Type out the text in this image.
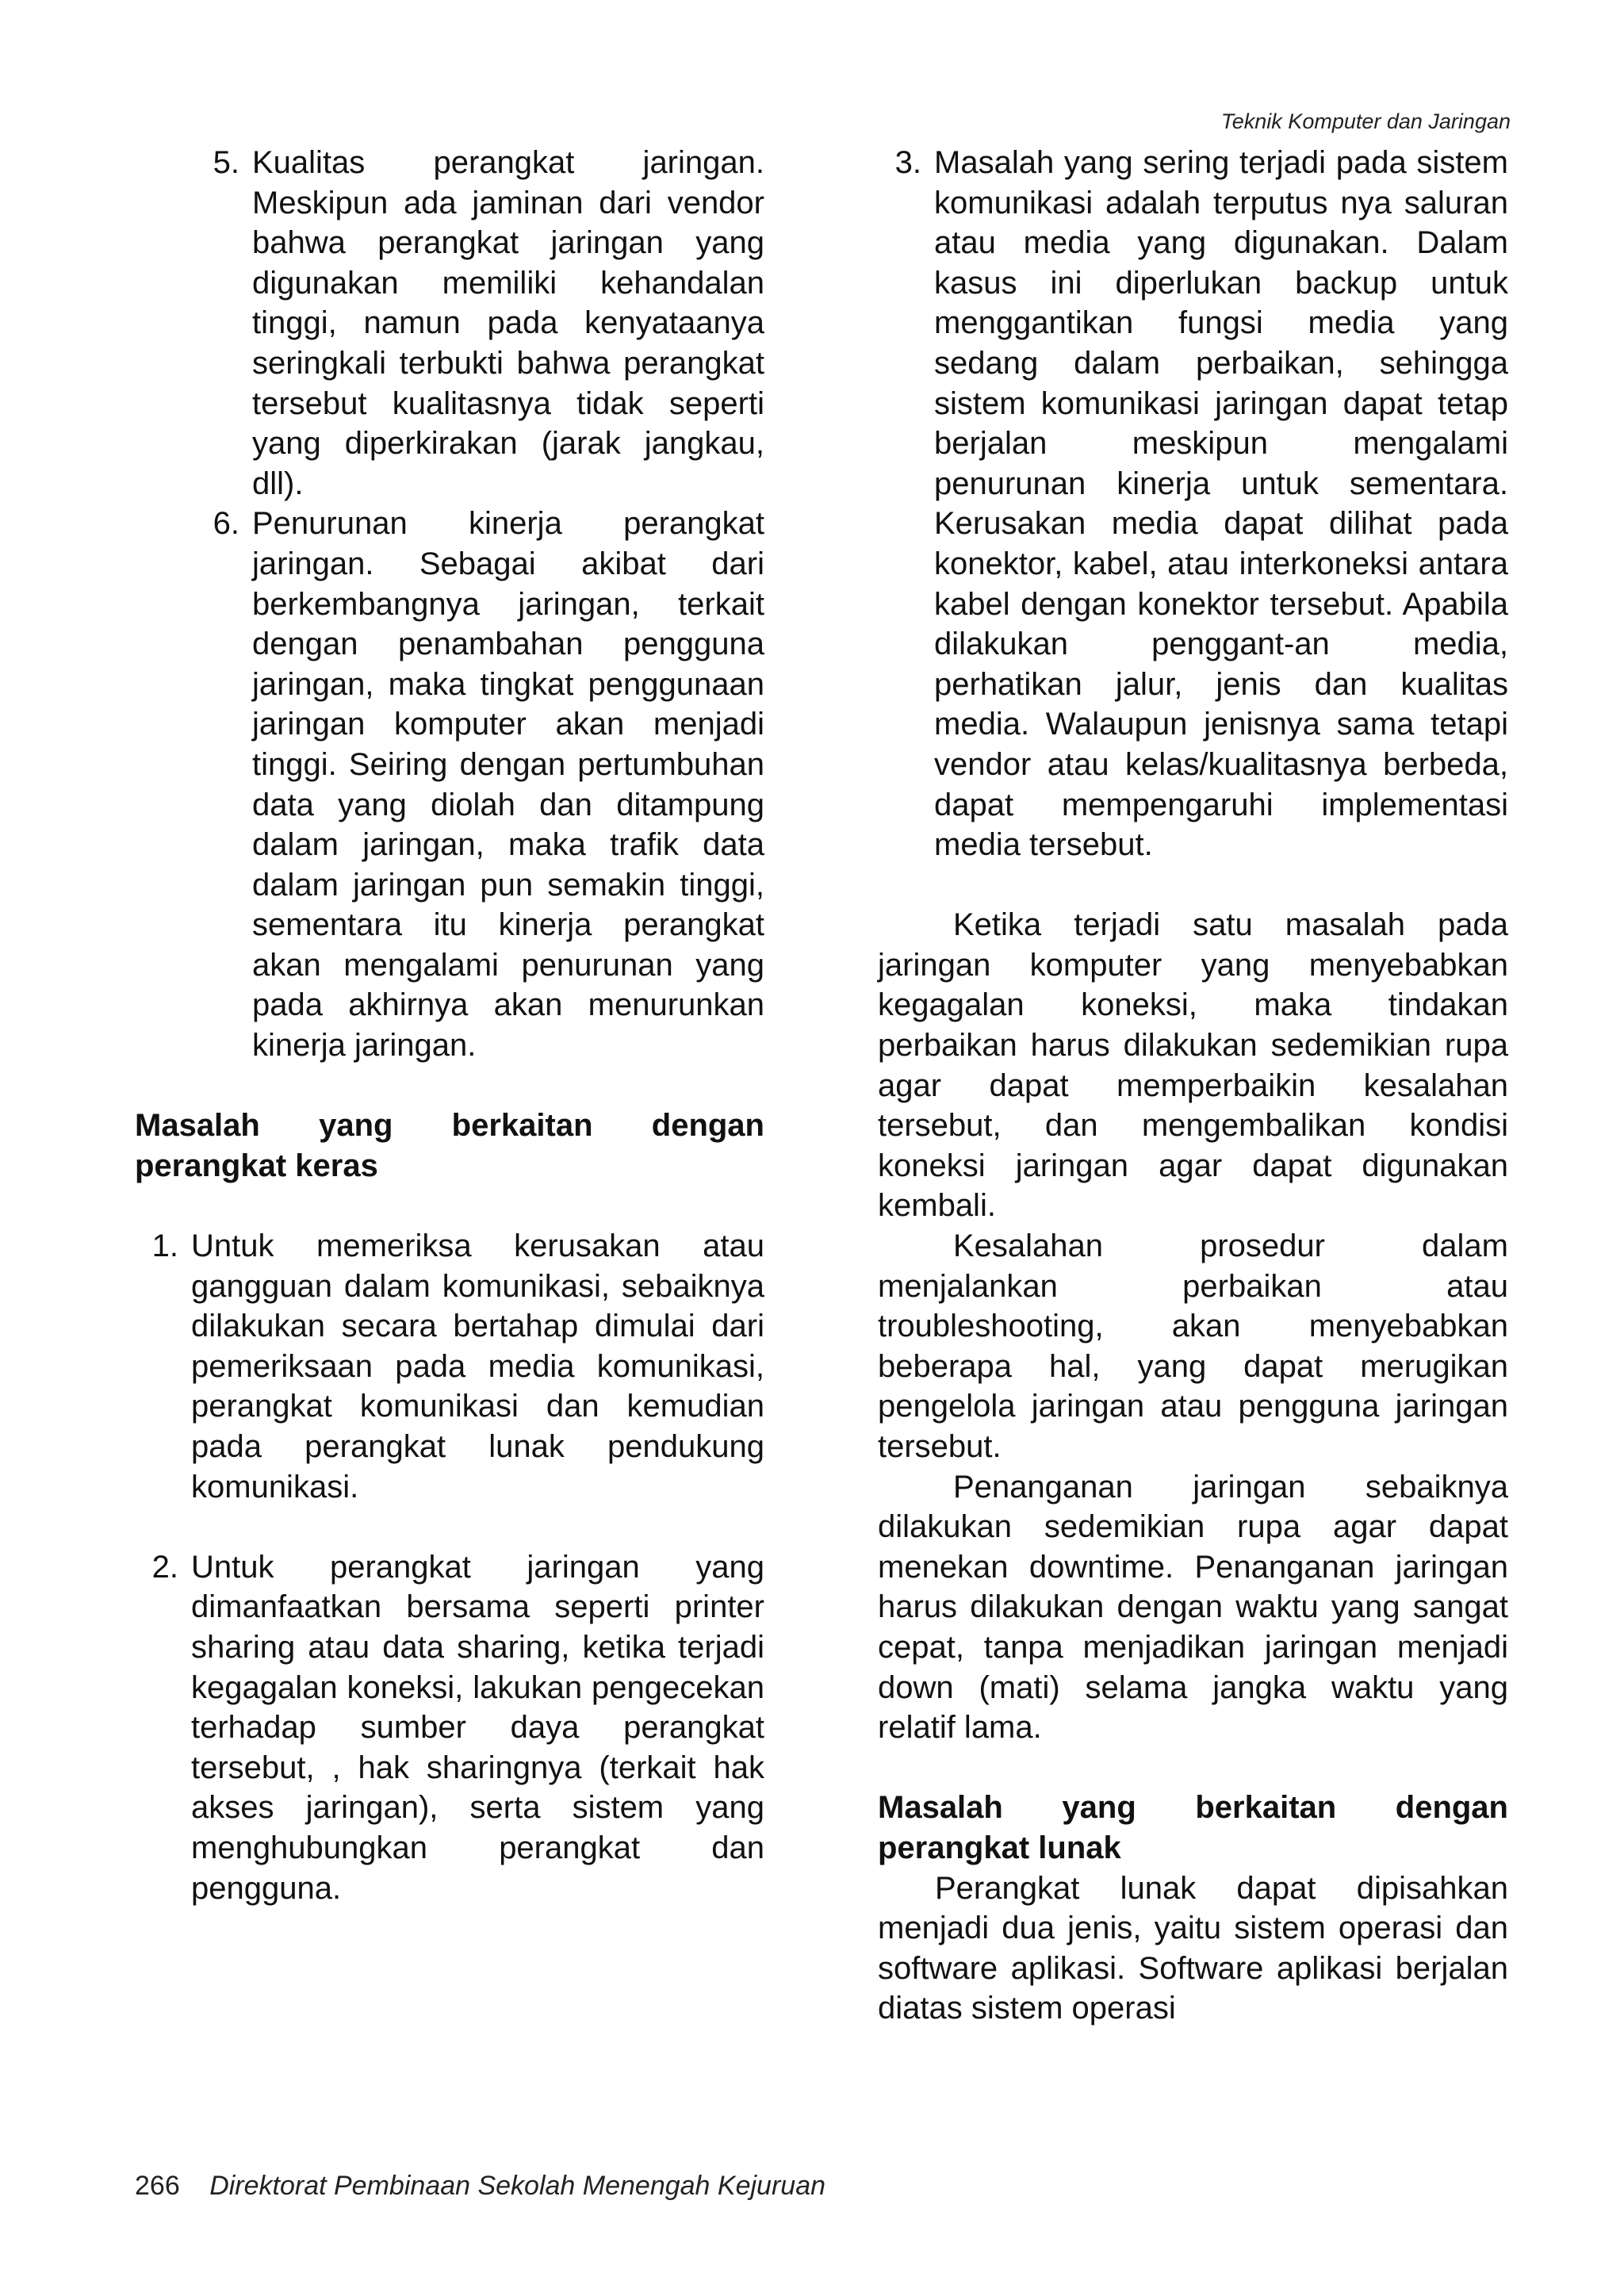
Teknik Komputer dan Jaringan
5. Kualitas perangkat jaringan. Meskipun ada jaminan dari vendor bahwa perangkat jaringan yang digunakan memiliki kehandalan tinggi, namun pada kenyataanya seringkali terbukti bahwa perangkat tersebut kualitasnya tidak seperti yang diperkirakan (jarak jangkau, dll).
6. Penurunan kinerja perangkat jaringan. Sebagai akibat dari berkembangnya jaringan, terkait dengan penambahan pengguna jaringan, maka tingkat penggunaan jaringan komputer akan menjadi tinggi. Seiring dengan pertumbuhan data yang diolah dan ditampung dalam jaringan, maka trafik data dalam jaringan pun semakin tinggi, sementara itu kinerja perangkat akan mengalami penurunan yang pada akhirnya akan menurunkan kinerja jaringan.

Masalah yang berkaitan dengan perangkat keras

1. Untuk memeriksa kerusakan atau gangguan dalam komunikasi, sebaiknya dilakukan secara bertahap dimulai dari pemeriksaan pada media komunikasi, perangkat komunikasi dan kemudian pada perangkat lunak pendukung komunikasi.
2. Untuk perangkat jaringan yang dimanfaatkan bersama seperti printer sharing atau data sharing, ketika terjadi kegagalan koneksi, lakukan pengecekan terhadap sumber daya perangkat tersebut, , hak sharingnya (terkait hak akses jaringan), serta sistem yang menghubungkan perangkat dan pengguna.
3. Masalah yang sering terjadi pada sistem komunikasi adalah terputus nya saluran atau media yang digunakan. Dalam kasus ini diperlukan backup untuk menggantikan fungsi media yang sedang dalam perbaikan, sehingga sistem komunikasi jaringan dapat tetap berjalan meskipun mengalami penurunan kinerja untuk sementara. Kerusakan media dapat dilihat pada konektor, kabel, atau interkoneksi antara kabel dengan konektor tersebut. Apabila dilakukan penggant-an media, perhatikan jalur, jenis dan kualitas media. Walaupun jenisnya sama tetapi vendor atau kelas/kualitasnya berbeda, dapat mempengaruhi implementasi media tersebut.

Ketika terjadi satu masalah pada jaringan komputer yang menyebabkan kegagalan koneksi, maka tindakan perbaikan harus dilakukan sedemikian rupa agar dapat memperbaikin kesalahan tersebut, dan mengembalikan kondisi koneksi jaringan agar dapat digunakan kembali.

Kesalahan prosedur dalam menjalankan perbaikan atau troubleshooting, akan menyebabkan beberapa hal, yang dapat merugikan pengelola jaringan atau pengguna jaringan tersebut.

Penanganan jaringan sebaiknya dilakukan sedemikian rupa agar dapat menekan downtime. Penanganan jaringan harus dilakukan dengan waktu yang sangat cepat, tanpa menjadikan jaringan menjadi down (mati) selama jangka waktu yang relatif lama.

Masalah yang berkaitan dengan perangkat lunak

Perangkat lunak dapat dipisahkan menjadi dua jenis, yaitu sistem operasi dan software aplikasi. Software aplikasi berjalan diatas sistem operasi

266 Direktorat Pembinaan Sekolah Menengah Kejuruan
